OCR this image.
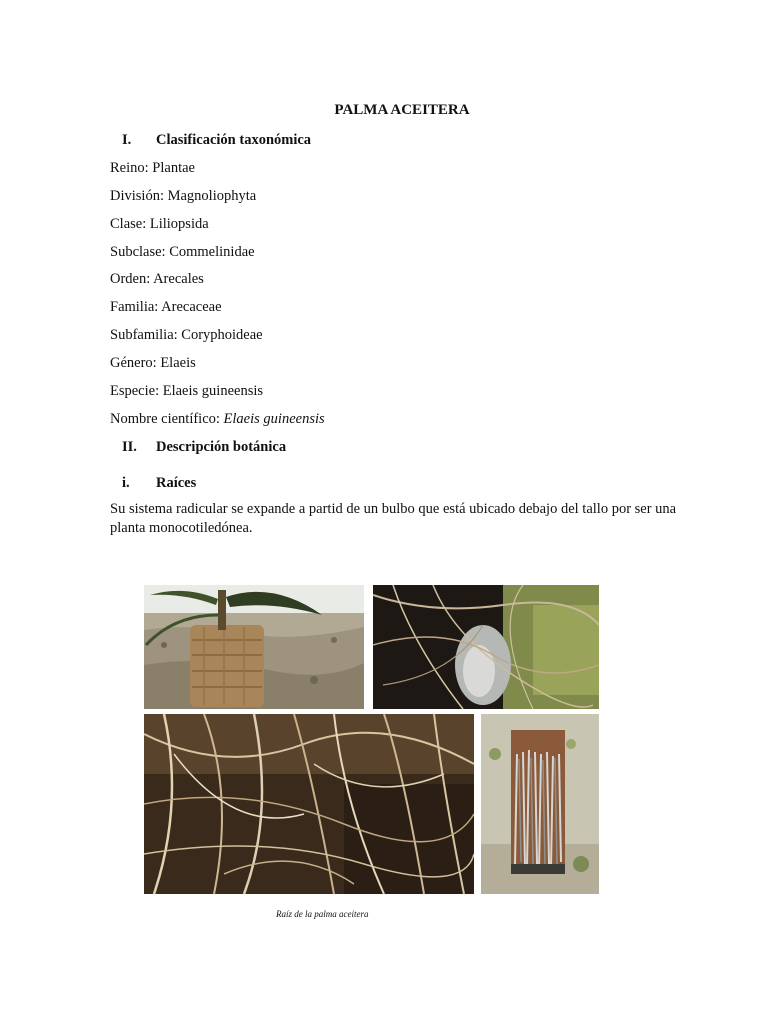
PALMA ACEITERA
I. Clasificación taxonómica
Reino: Plantae
División: Magnoliophyta
Clase: Liliopsida
Subclase: Commelinidae
Orden: Arecales
Familia: Arecaceae
Subfamilia: Coryphoideae
Género: Elaeis
Especie: Elaeis guineensis
Nombre científico: Elaeis guineensis
II. Descripción botánica
i. Raíces
Su sistema radicular se expande a partid de un bulbo que está ubicado debajo del tallo por ser una planta monocotiledónea.
Raíz de la palma aceitera
